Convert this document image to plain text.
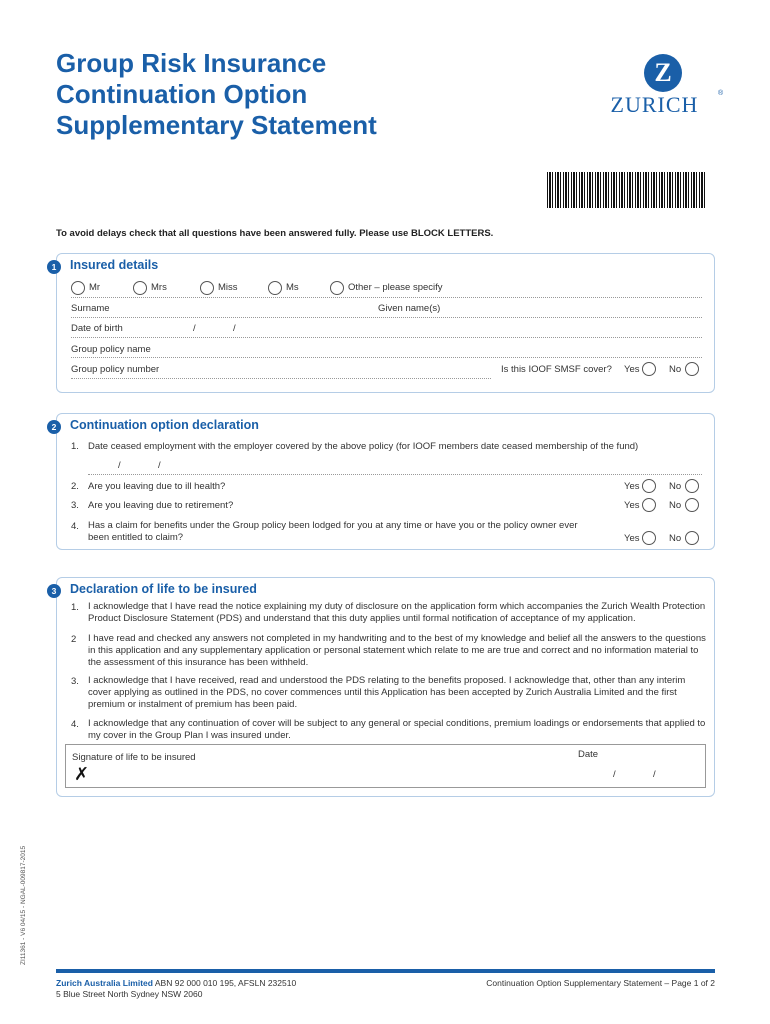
Group Risk Insurance
Continuation Option
Supplementary Statement
Z
ZURICH	®
To avoid delays check that all questions have been answered fully. Please use BLOCK LETTERS.
1	Insured details
Mr	Mrs	Miss	Ms	Other – please specify
Surname	Given name(s)
Date of birth	/	/
Group policy name
Group policy number	Is this IOOF SMSF cover? Yes	No
2	Continuation option declaration
1. Date ceased employment with the employer covered by the above policy (for IOOF members date ceased membership of the fund)
/	/
2. Are you leaving due to ill health?	Yes	No
3. Are you leaving due to retirement?	Yes	No
4. Has a claim for benefits under the Group policy been lodged for you at any time or have you or the policy owner ever been entitled to claim?	Yes	No
3	Declaration of life to be insured
1. I acknowledge that I have read the notice explaining my duty of disclosure on the application form which accompanies the Zurich Wealth Protection Product Disclosure Statement (PDS) and understand that this duty applies until formal notification of acceptance of my application.
2 I have read and checked any answers not completed in my handwriting and to the best of my knowledge and belief all the answers to the questions in this application and any supplementary application or personal statement which relate to me are true and correct and no information material to the assessment of this insurance has been withheld.
3. I acknowledge that I have received, read and understood the PDS relating to the benefits proposed. I acknowledge that, other than any interim cover applying as outlined in the PDS, no cover commences until this Application has been accepted by Zurich Australia Limited and the first premium or instalment of premium has been paid.
4. I acknowledge that any continuation of cover will be subject to any general or special conditions, premium loadings or endorsements that applied to my cover in the Group Plan I was insured under.
Signature of life to be insured
✗
Date
/	/
ZI11361 - V6 04/15 - NGAL-009817-2015
Zurich Australia Limited ABN 92 000 010 195, AFSLN 232510
5 Blue Street North Sydney NSW 2060
Continuation Option Supplementary Statement – Page 1 of 2
